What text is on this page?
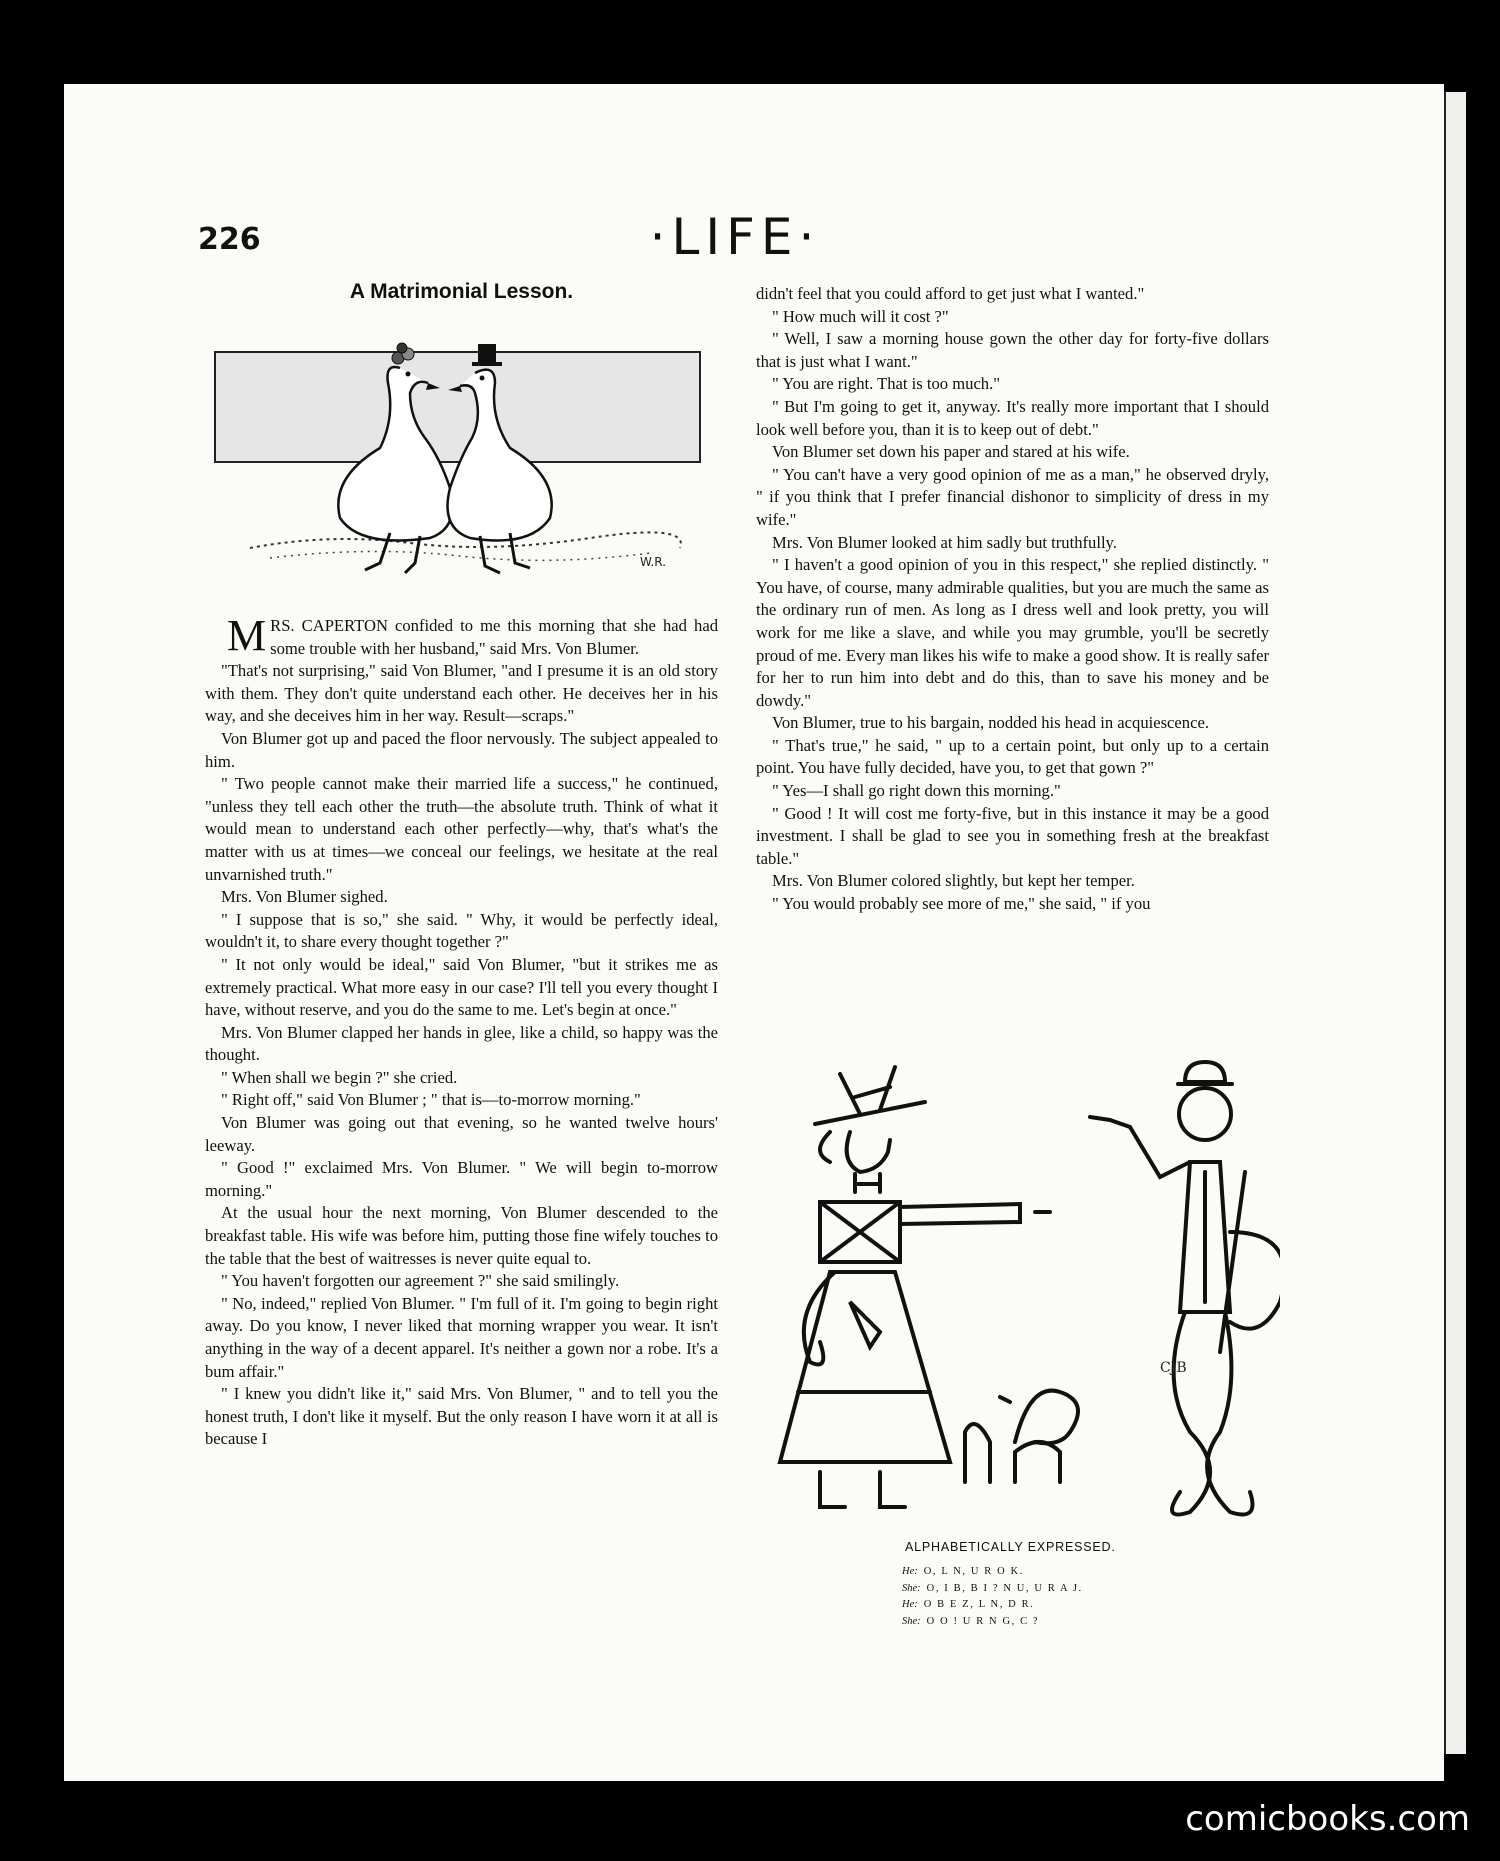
226	·LIFE·
A Matrimonial Lesson.
W.R.
M RS. CAPERTON confided to me this morning that she had had some trouble with her husband," said Mrs. Von Blumer.

"That's not surprising," said Von Blumer, "and I presume it is an old story with them. They don't quite understand each other. He deceives her in his way, and she deceives him in her way. Result—scraps."

Von Blumer got up and paced the floor nervously. The subject appealed to him.

" Two people cannot make their married life a success," he continued, "unless they tell each other the truth—the absolute truth. Think of what it would mean to understand each other perfectly—why, that's what's the matter with us at times—we conceal our feelings, we hesitate at the real unvarnished truth."

Mrs. Von Blumer sighed.

" I suppose that is so," she said. " Why, it would be perfectly ideal, wouldn't it, to share every thought together ?"

" It not only would be ideal," said Von Blumer, "but it strikes me as extremely practical. What more easy in our case? I'll tell you every thought I have, without reserve, and you do the same to me. Let's begin at once."

Mrs. Von Blumer clapped her hands in glee, like a child, so happy was the thought.

" When shall we begin ?" she cried.

" Right off," said Von Blumer ; " that is—to-morrow morning."

Von Blumer was going out that evening, so he wanted twelve hours' leeway.

" Good !" exclaimed Mrs. Von Blumer. " We will begin to-morrow morning."

At the usual hour the next morning, Von Blumer descended to the breakfast table. His wife was before him, putting those fine wifely touches to the table that the best of waitresses is never quite equal to.

" You haven't forgotten our agreement ?" she said smilingly.

" No, indeed," replied Von Blumer. " I'm full of it. I'm going to begin right away. Do you know, I never liked that morning wrapper you wear. It isn't anything in the way of a decent apparel. It's neither a gown nor a robe. It's a bum affair."

" I knew you didn't like it," said Mrs. Von Blumer, " and to tell you the honest truth, I don't like it myself. But the only reason I have worn it at all is because I

didn't feel that you could afford to get just what I wanted."

" How much will it cost ?"

" Well, I saw a morning house gown the other day for forty-five dollars that is just what I want."

" You are right. That is too much."

" But I'm going to get it, anyway. It's really more important that I should look well before you, than it is to keep out of debt."

Von Blumer set down his paper and stared at his wife.

" You can't have a very good opinion of me as a man," he observed dryly, " if you think that I prefer financial dishonor to simplicity of dress in my wife."

Mrs. Von Blumer looked at him sadly but truthfully.

" I haven't a good opinion of you in this respect," she replied distinctly. " You have, of course, many admirable qualities, but you are much the same as the ordinary run of men. As long as I dress well and look pretty, you will work for me like a slave, and while you may grumble, you'll be secretly proud of me. Every man likes his wife to make a good show. It is really safer for her to run him into debt and do this, than to save his money and be dowdy."

Von Blumer, true to his bargain, nodded his head in acquiescence.

" That's true," he said, " up to a certain point, but only up to a certain point. You have fully decided, have you, to get that gown ?"

" Yes—I shall go right down this morning."

" Good ! It will cost me forty-five, but in this instance it may be a good investment. I shall be glad to see you in something fresh at the breakfast table."

Mrs. Von Blumer colored slightly, but kept her temper.

" You would probably see more of me," she said, " if you

CJB
ALPHABETICALLY EXPRESSED.
He: O, L N, U R O K.
She: O, I B, B I ? N U, U R A J.
He: O B E Z, L N, D R.
She: O O ! U R N G, C ?
comicbooks.com
